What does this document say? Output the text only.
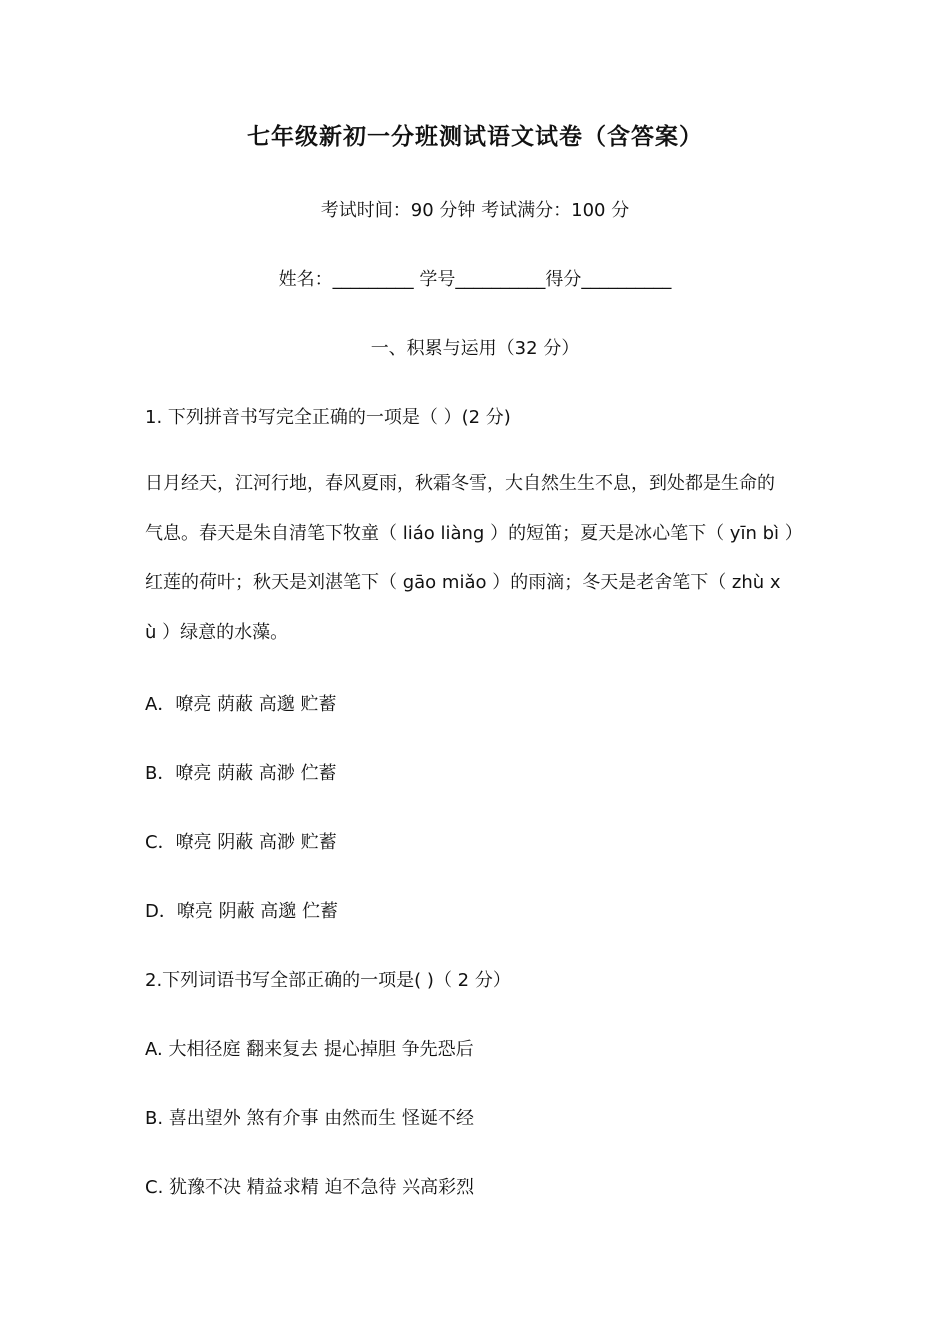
七年级新初一分班测试语文试卷（含答案）
考试时间：90 分钟 考试满分：100 分
姓名：_________ 学号__________得分__________
一、积累与运用（32 分）
1. 下列拼音书写完全正确的一项是（ ）(2 分)
日月经天，江河行地，春风夏雨，秋霜冬雪，大自然生生不息，到处都是生命的
气息。春天是朱自清笔下牧童（ liáo liàng ）的短笛；夏天是冰心笔下（ yīn bì ）
红莲的荷叶；秋天是刘湛笔下（ gāo miǎo ）的雨滴；冬天是老舍笔下（ zhù x
ù ）绿意的水藻。
A．嘹亮 荫蔽 高邈 贮蓄
B．嘹亮 荫蔽 高渺 伫蓄
C．嘹亮 阴蔽 高渺 贮蓄
D．嘹亮 阴蔽 高邈 伫蓄
2.下列词语书写全部正确的一项是( )（ 2 分）
A. 大相径庭 翻来复去 提心掉胆 争先恐后
B. 喜出望外 煞有介事 由然而生 怪诞不经
C. 犹豫不决 精益求精 迫不急待 兴高彩烈
